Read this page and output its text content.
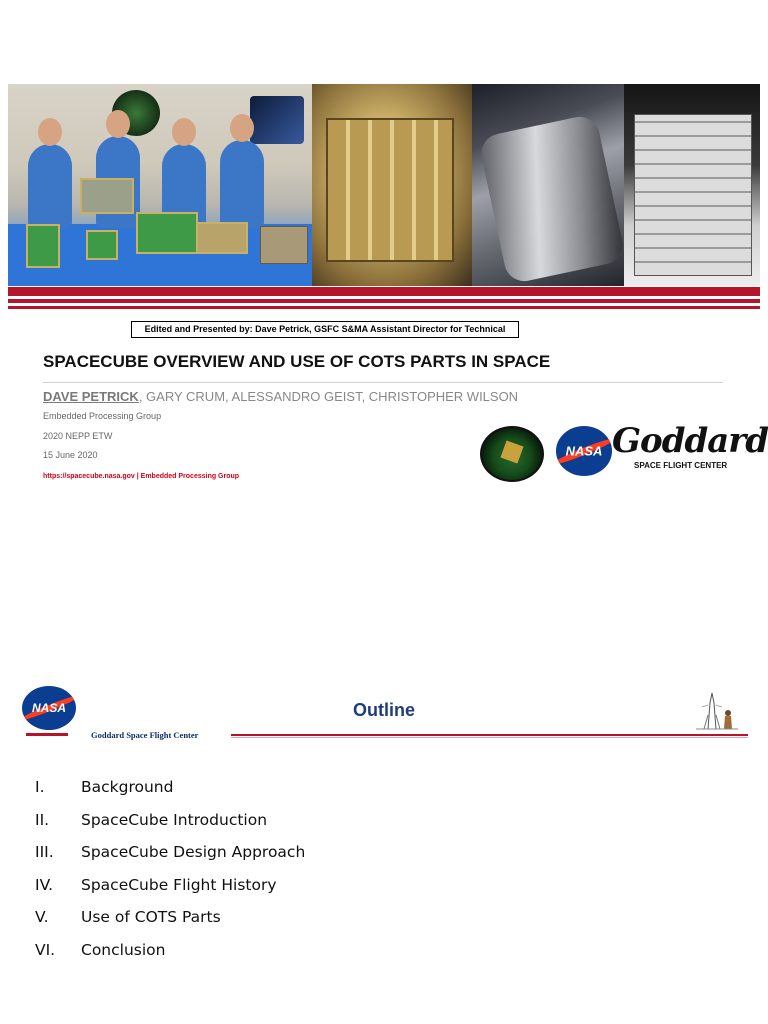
Edited and Presented by: Dave Petrick, GSFC S&MA Assistant Director for Technical
SPACECUBE OVERVIEW AND USE OF COTS PARTS IN SPACE
DAVE PETRICK, GARY CRUM, ALESSANDRO GEIST, CHRISTOPHER WILSON
Embedded Processing Group
2020 NEPP ETW
15 June 2020
https://spacecube.nasa.gov | Embedded Processing Group
NASA Goddard
SPACE FLIGHT CENTER
NASA	Outline
Goddard Space Flight Center
I.	Background
II.	SpaceCube Introduction
III.	SpaceCube Design Approach
IV.	SpaceCube Flight History
V.	Use of COTS Parts
VI.	Conclusion
